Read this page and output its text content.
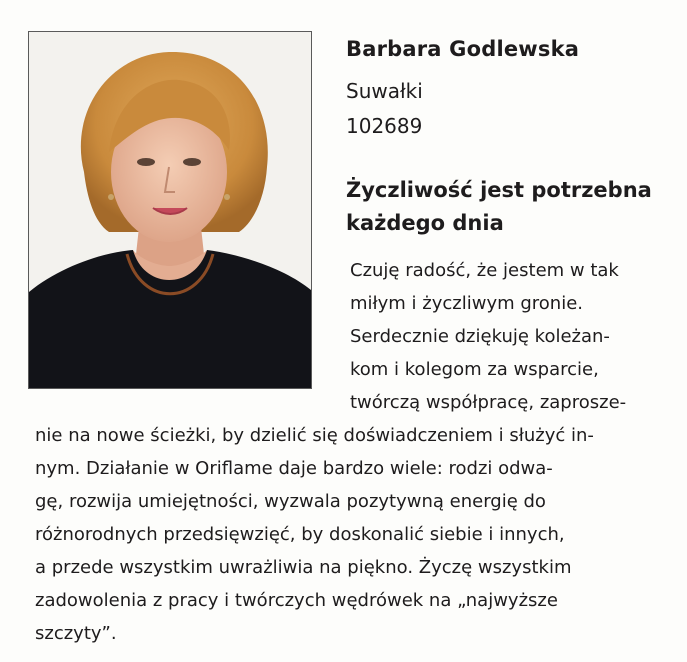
Barbara Godlewska
Suwałki
102689
Życzliwość jest potrzebna
każdego dnia
Czuję radość, że jestem w tak
miłym i życzliwym gronie.
Serdecznie dziękuję koleżan-
kom i kolegom za wsparcie,
twórczą współpracę, zaprosze-
nie na nowe ścieżki, by dzielić się doświadczeniem i służyć in-
nym. Działanie w Oriflame daje bardzo wiele: rodzi odwa-
gę, rozwija umiejętności, wyzwala pozytywną energię do
różnorodnych przedsięwzięć, by doskonalić siebie i innych,
a przede wszystkim uwrażliwia na piękno. Życzę wszystkim
zadowolenia z pracy i twórczych wędrówek na „najwyższe
szczyty”.
